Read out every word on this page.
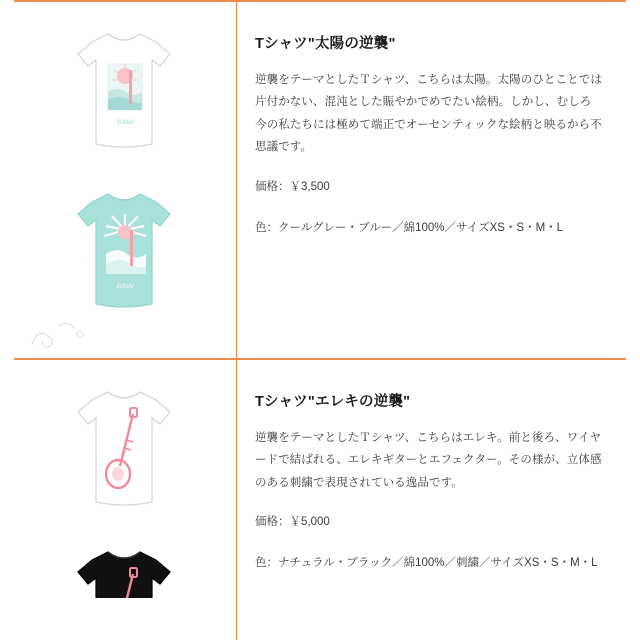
JUNAI
JUNAI
Tシャツ"太陽の逆襲"

逆襲をテーマとしたＴシャツ、こちらは太陽。太陽のひとことでは片付かない、混沌とした賑やかでめでたい絵柄。しかし、むしろ今の私たちには極めて端正でオーセンティックな絵柄と映るから不思議です。

価格：￥3,500

色：クールグレー・ブルー／綿100%／サイズXS・S・M・L

Tシャツ"エレキの逆襲"

逆襲をテーマとしたＴシャツ、こちらはエレキ。前と後ろ、ワイヤードで結ばれる、エレキギターとエフェクター。その様が、立体感のある刺繍で表現されている逸品です。

価格：￥5,000

色：ナチュラル・ブラック／綿100%／刺繍／サイズXS・S・M・L
